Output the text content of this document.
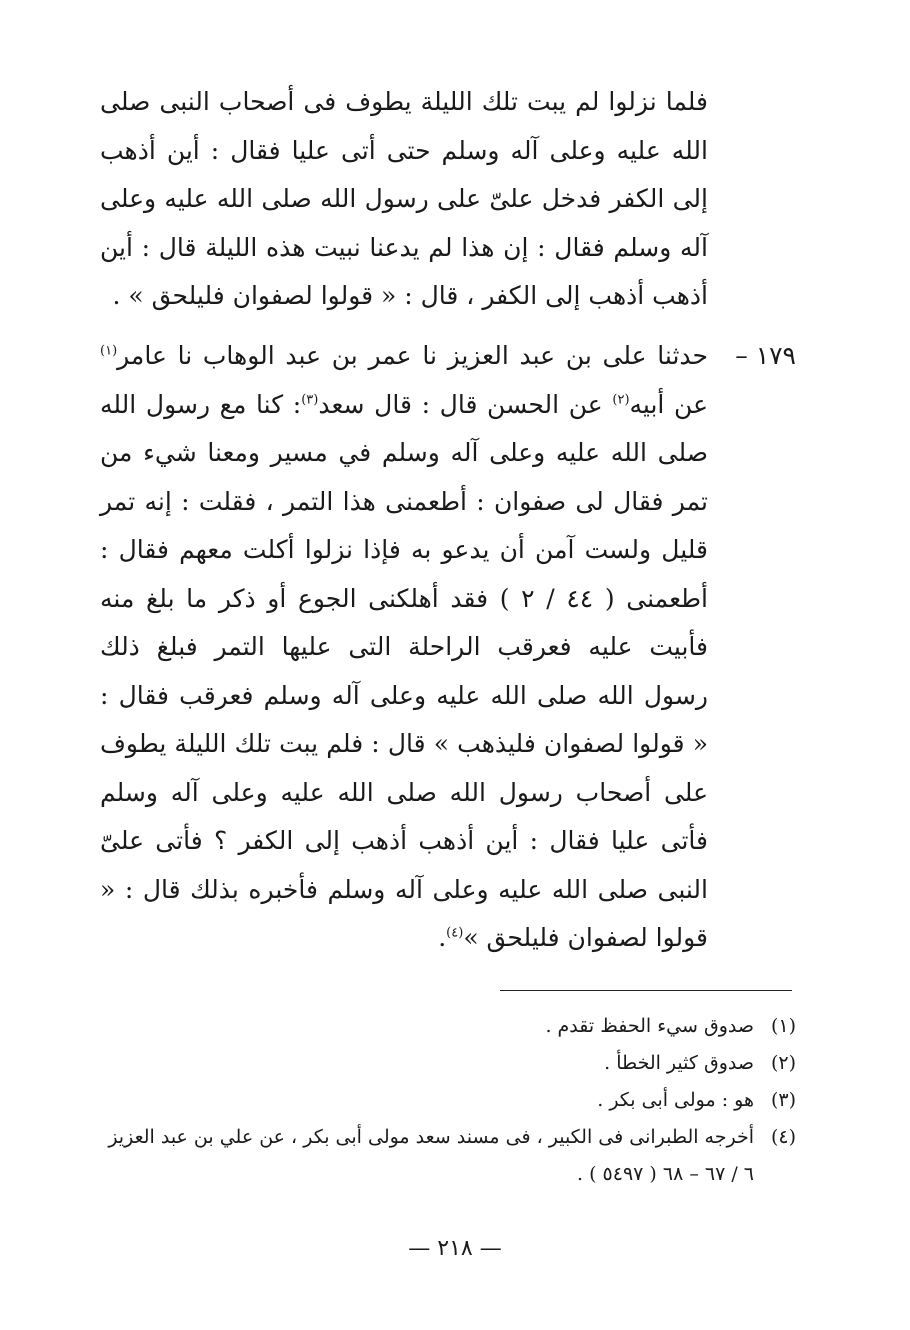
فلما نزلوا لم يبت تلك الليلة يطوف فى أصحاب النبى صلى الله عليه وعلى آله وسلم حتى أتى عليا فقال : أين أذهب إلى الكفر فدخل علىّ على رسول الله صلى الله عليه وعلى آله وسلم فقال : إن هذا لم يدعنا نبيت هذه الليلة قال : أين أذهب أذهب إلى الكفر ، قال : « قولوا لصفوان فليلحق » .

١٧٩ –

حدثنا على بن عبد العزيز نا عمر بن عبد الوهاب نا عامر$^{(١)}$ عن أبيه$^{(٢)}$ عن الحسن قال : قال سعد$^{(٣)}$: كنا مع رسول الله صلى الله عليه وعلى آله وسلم في مسير ومعنا شيء من تمر فقال لى صفوان : أطعمنى هذا التمر ، فقلت : إنه تمر قليل ولست آمن أن يدعو به فإذا نزلوا أكلت معهم فقال : أطعمنى ( ٤٤ / ٢ ) فقد أهلكنى الجوع أو ذكر ما بلغ منه فأبيت عليه فعرقب الراحلة التى عليها التمر فبلغ ذلك رسول الله صلى الله عليه وعلى آله وسلم فعرقب فقال : « قولوا لصفوان فليذهب » قال : فلم يبت تلك الليلة يطوف على أصحاب رسول الله صلى الله عليه وعلى آله وسلم فأتى عليا فقال : أين أذهب أذهب إلى الكفر ؟ فأتى علىّ النبى صلى الله عليه وعلى آله وسلم فأخبره بذلك قال : « قولوا لصفوان فليلحق »$^{(٤)}$.

(١)
صدوق سيء الحفظ تقدم .
(٢)
صدوق كثير الخطأ .
(٣)
هو : مولى أبى بكر .
(٤)
أخرجه الطبرانى فى الكبير ، فى مسند سعد مولى أبى بكر ، عن علي بن عبد العزيز ٦ / ٦٧ – ٦٨ ( ٥٤٩٧ ) .
— ٢١٨ —
